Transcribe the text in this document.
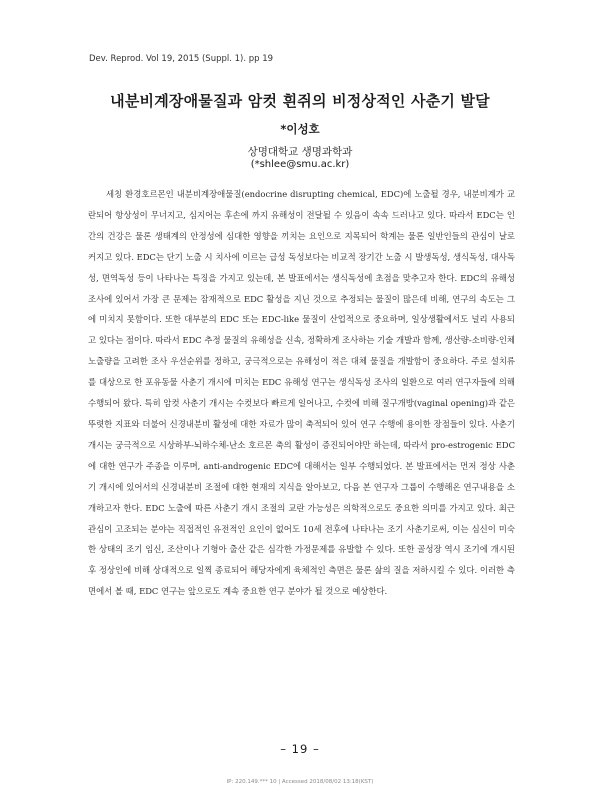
Dev. Reprod. Vol 19, 2015 (Suppl. 1). pp 19
내분비계장애물질과 암컷 흰쥐의 비정상적인 사춘기 발달
*이성호
상명대학교 생명과학과
(*shlee@smu.ac.kr)

세칭 환경호르몬인 내분비계장애물질(endocrine disrupting chemical, EDC)에 노출될 경우, 내분비계가 교란되어 항상성이 무너지고, 심지어는 후손에 까지 유해성이 전달될 수 있음이 속속 드러나고 있다. 따라서 EDC는 인간의 건강은 물론 생태계의 안정성에 심대한 영향을 끼치는 요인으로 지목되어 학계는 물론 일반인들의 관심이 날로 커지고 있다. EDC는 단기 노출 시 치사에 이르는 급성 독성보다는 비교적 장기간 노출 시 발생독성, 생식독성, 대사독성, 면역독성 등이 나타나는 특징을 가지고 있는데, 본 발표에서는 생식독성에 초점을 맞추고자 한다. EDC의 유해성 조사에 있어서 가장 큰 문제는 잠재적으로 EDC 활성을 지닌 것으로 추정되는 물질이 많은데 비해, 연구의 속도는 그에 미치지 못함이다. 또한 대부분의 EDC 또는 EDC-like 물질이 산업적으로 중요하며, 일상생활에서도 널리 사용되고 있다는 점이다. 따라서 EDC 추정 물질의 유해성을 신속, 정확하게 조사하는 기술 개발과 함께, 생산량-소비량-인체 노출량을 고려한 조사 우선순위를 정하고, 궁극적으로는 유해성이 적은 대체 물질을 개발함이 중요하다. 주로 설치류를 대상으로 한 포유동물 사춘기 개시에 미치는 EDC 유해성 연구는 생식독성 조사의 일환으로 여러 연구자들에 의해 수행되어 왔다. 특히 암컷 사춘기 개시는 수컷보다 빠르게 일어나고, 수컷에 비해 질구개방(vaginal opening)과 같은 뚜렷한 지표와 더불어 신경내분비 활성에 대한 자료가 많이 축적되어 있어 연구 수행에 용이한 장점들이 있다. 사춘기 개시는 궁극적으로 시상하부-뇌하수체-난소 호르몬 축의 활성이 증진되어야만 하는데, 따라서 pro-estrogenic EDC에 대한 연구가 주종을 이루며, anti-androgenic EDC에 대해서는 일부 수행되었다. 본 발표에서는 먼저 정상 사춘기 개시에 있어서의 신경내분비 조절에 대한 현재의 지식을 알아보고, 다음 본 연구자 그룹이 수행해온 연구내용을 소개하고자 한다. EDC 노출에 따른 사춘기 개시 조절의 교란 가능성은 의학적으로도 중요한 의미를 가지고 있다. 최근 관심이 고조되는 분야는 직접적인 유전적인 요인이 없어도 10세 전후에 나타나는 조기 사춘기로써, 이는 심신이 미숙한 상태의 조기 임신, 조산이나 기형아 출산 같은 심각한 가정문제를 유발할 수 있다. 또한 골성장 역시 조기에 개시된 후 정상인에 비해 상대적으로 일찍 종료되어 해당자에게 육체적인 측면은 물론 삶의 질을 저하시킬 수 있다. 이러한 측면에서 볼 때, EDC 연구는 앞으로도 계속 중요한 연구 분야가 될 것으로 예상한다.

– 19 –
IP: 220.149.*** 10 | Accessed 2018/08/02 13:18(KST)
